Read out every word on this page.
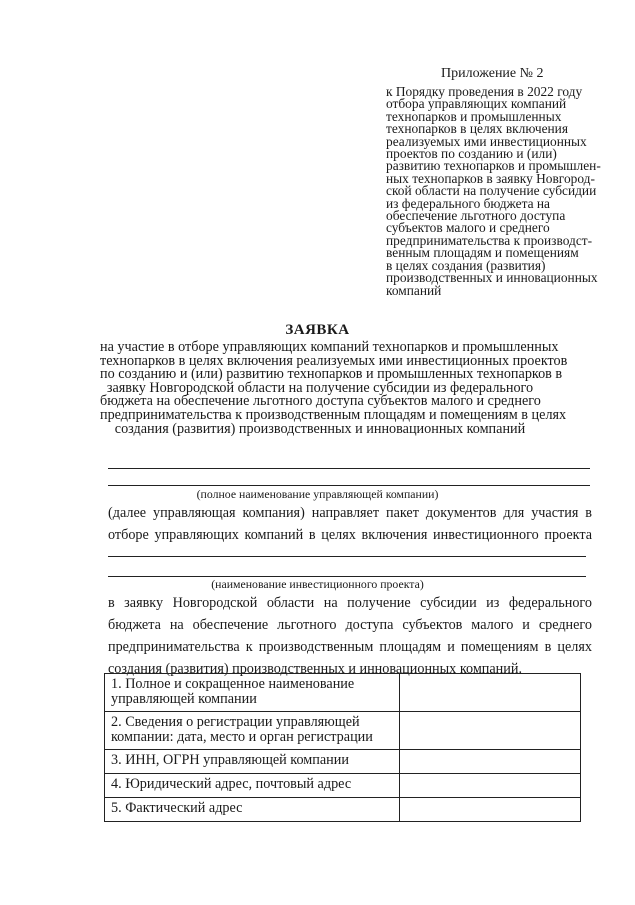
Приложение № 2
к Порядку проведения в 2022 году
отбора управляющих компаний
технопарков и промышленных
технопарков в целях включения
реализуемых ими инвестиционных
проектов по созданию и (или)
развитию технопарков и промышлен-
ных технопарков в заявку Новгород-
ской области на получение субсидии
из федерального бюджета на
обеспечение льготного доступа
субъектов малого и среднего
предпринимательства к производст-
венным площадям и помещениям
в целях создания (развития)
производственных и инновационных
компаний
ЗАЯВКА
на участие в отборе управляющих компаний технопарков и промышленных
технопарков в целях включения реализуемых ими инвестиционных проектов
по созданию и (или) развитию технопарков и промышленных технопарков в
заявку Новгородской области на получение субсидии из федерального
бюджета на обеспечение льготного доступа субъектов малого и среднего
предпринимательства к производственным площадям и помещениям в целях
создания (развития) производственных и инновационных компаний
(полное наименование управляющей компании)
(далее управляющая компания) направляет пакет документов для участия в
отборе управляющих компаний в целях включения инвестиционного проекта
(наименование инвестиционного проекта)
в заявку Новгородской области на получение субсидии из федерального
бюджета на обеспечение льготного доступа субъектов малого и среднего
предпринимательства к производственным площадям и помещениям в целях
создания (развития) производственных и инновационных компаний.
1. Полное и сокращенное наименование
управляющей компании	

2. Сведения о регистрации управляющей
компании: дата, место и орган регистрации	

3. ИНН, ОГРН управляющей компании	

4. Юридический адрес, почтовый адрес	

5. Фактический адрес	
